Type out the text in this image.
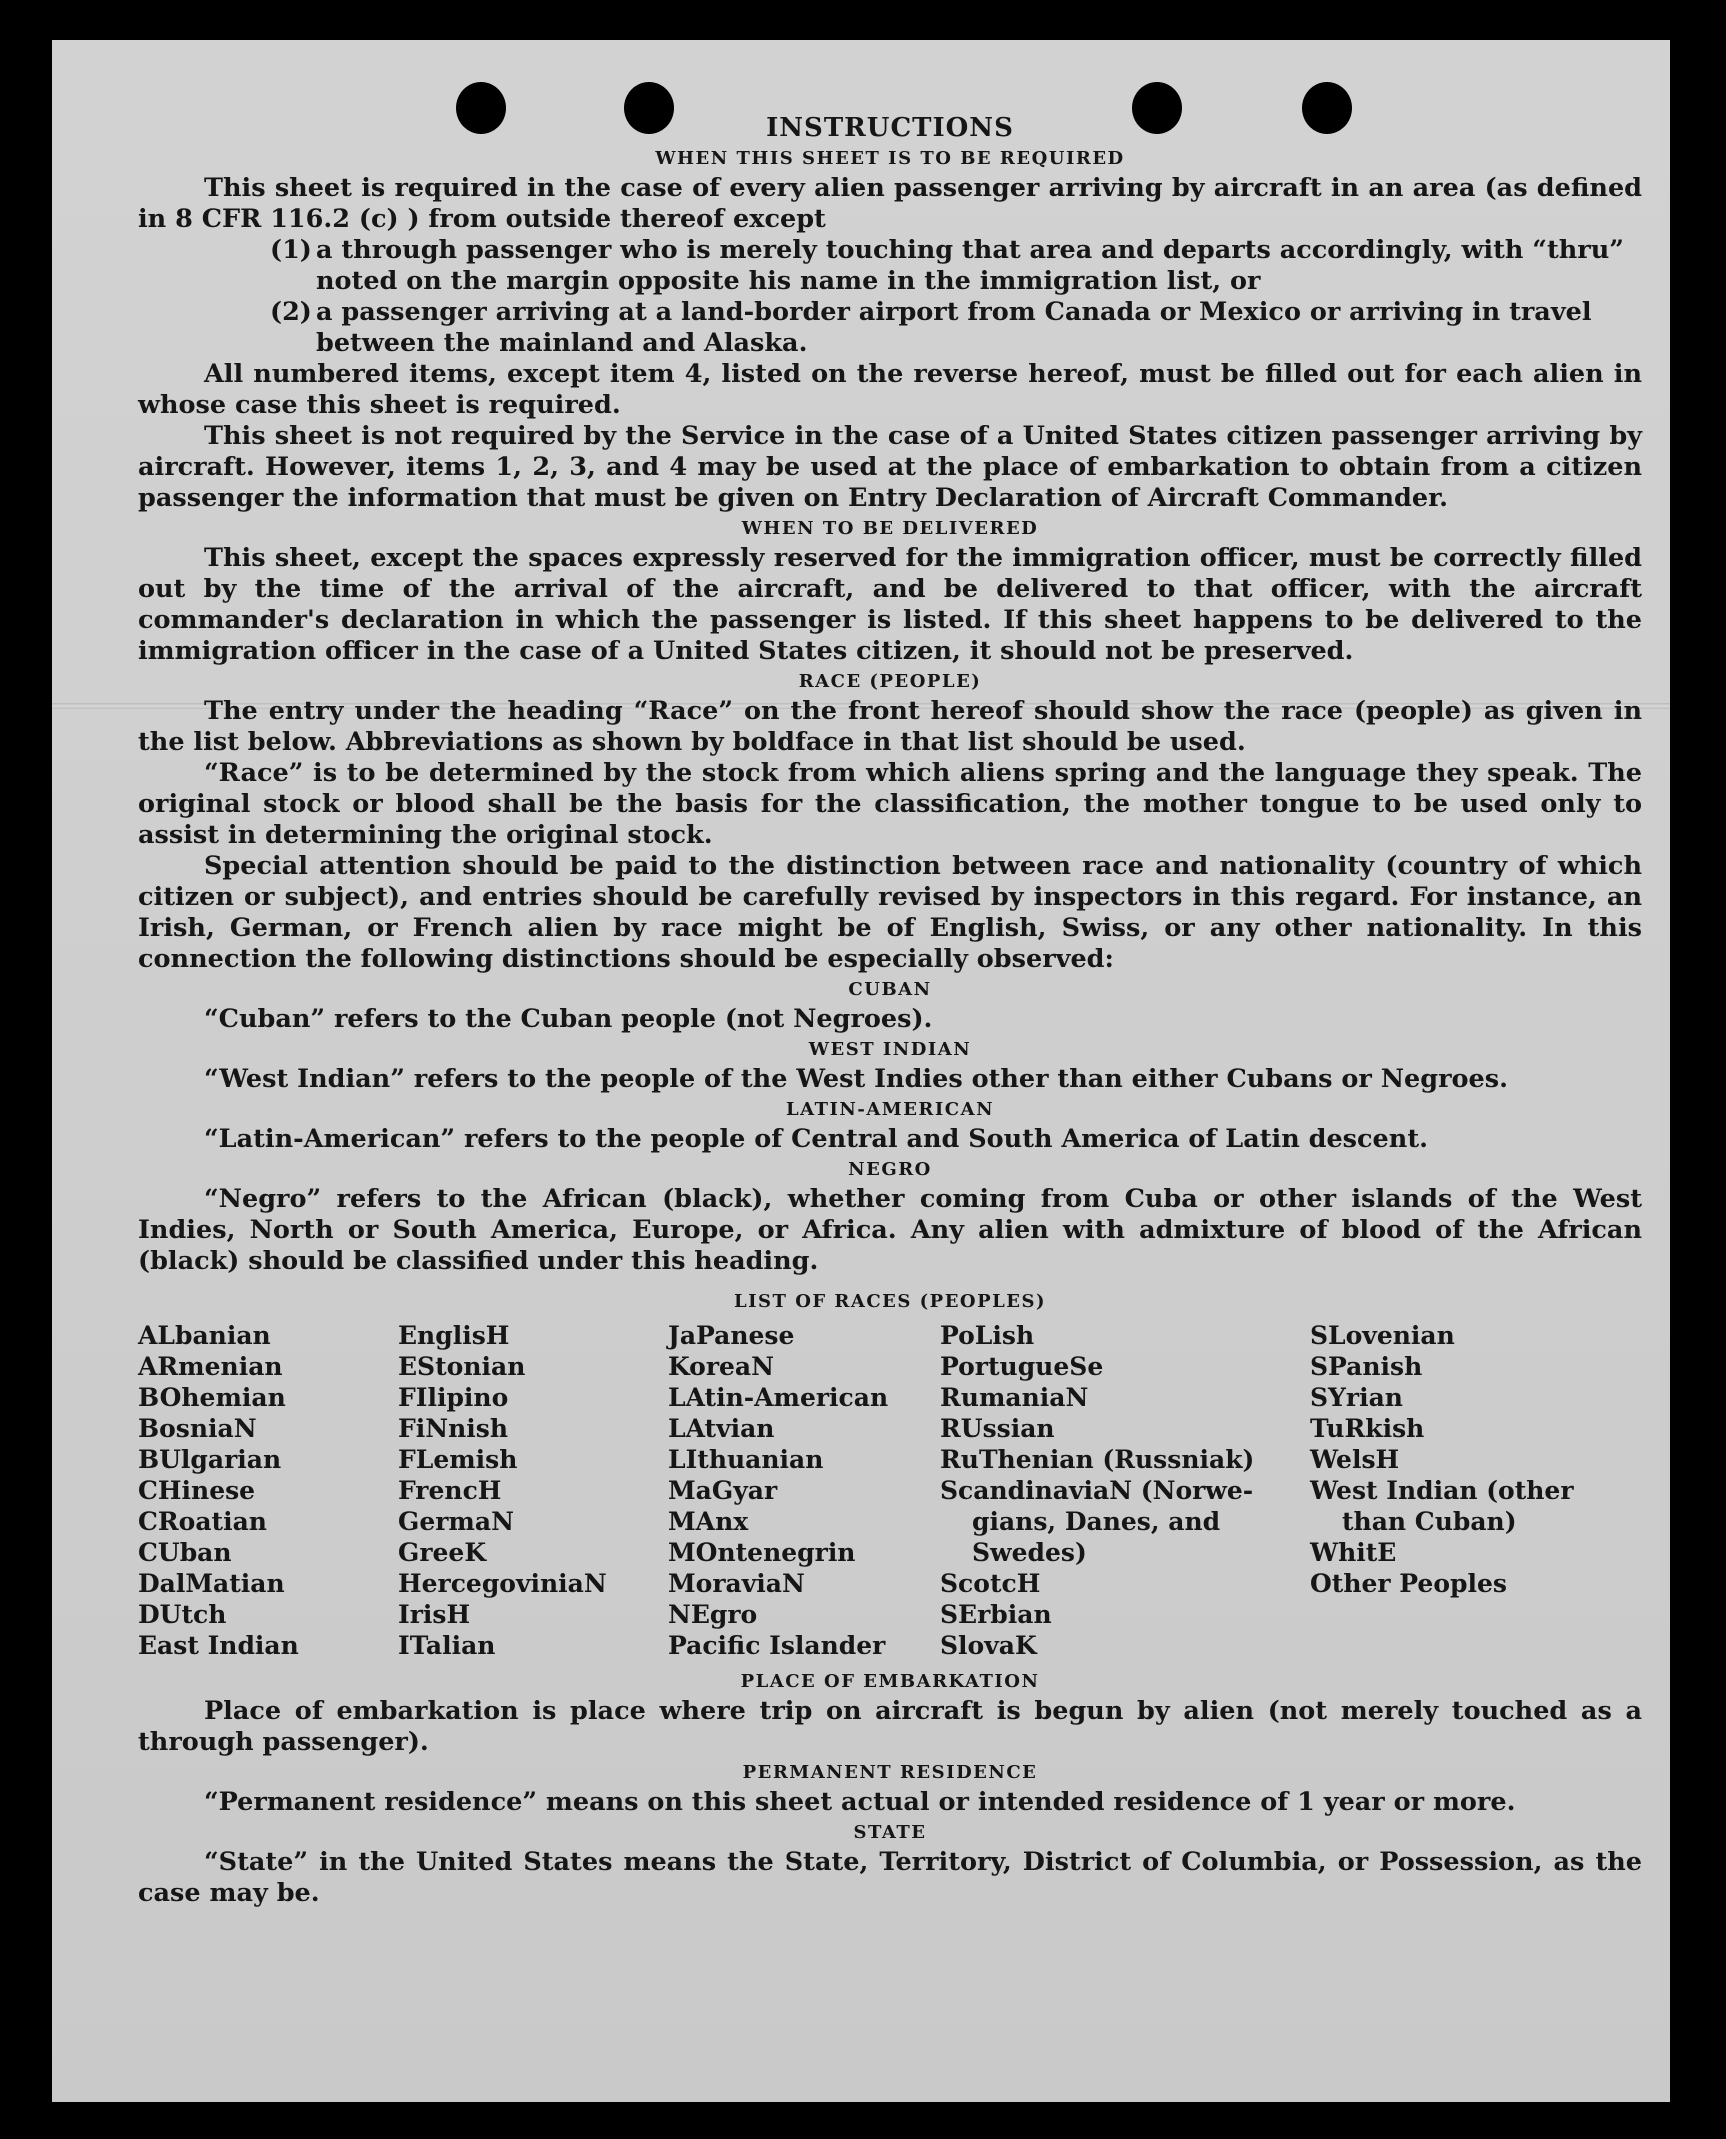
INSTRUCTIONS

WHEN THIS SHEET IS TO BE REQUIRED

This sheet is required in the case of every alien passenger arriving by aircraft in an area (as defined in 8 CFR 116.2 (c) ) from outside thereof except

(1) a through passenger who is merely touching that area and departs accordingly, with “thru” noted on the margin opposite his name in the immigration list, or
(2) a passenger arriving at a land-border airport from Canada or Mexico or arriving in travel between the mainland and Alaska.

All numbered items, except item 4, listed on the reverse hereof, must be filled out for each alien in whose case this sheet is required.

This sheet is not required by the Service in the case of a United States citizen passenger arriving by aircraft. However, items 1, 2, 3, and 4 may be used at the place of embarkation to obtain from a citizen passenger the information that must be given on Entry Declaration of Aircraft Commander.

WHEN TO BE DELIVERED

This sheet, except the spaces expressly reserved for the immigration officer, must be correctly filled out by the time of the arrival of the aircraft, and be delivered to that officer, with the aircraft commander's declaration in which the passenger is listed. If this sheet happens to be delivered to the immigration officer in the case of a United States citizen, it should not be preserved.

RACE (PEOPLE)

The entry under the heading “Race” on the front hereof should show the race (people) as given in the list below. Abbreviations as shown by boldface in that list should be used.

“Race” is to be determined by the stock from which aliens spring and the language they speak. The original stock or blood shall be the basis for the classification, the mother tongue to be used only to assist in determining the original stock.

Special attention should be paid to the distinction between race and nationality (country of which citizen or subject), and entries should be carefully revised by inspectors in this regard. For instance, an Irish, German, or French alien by race might be of English, Swiss, or any other nationality. In this connection the following distinctions should be especially observed:

CUBAN

“Cuban” refers to the Cuban people (not Negroes).

WEST INDIAN

“West Indian” refers to the people of the West Indies other than either Cubans or Negroes.

LATIN-AMERICAN

“Latin-American” refers to the people of Central and South America of Latin descent.

NEGRO

“Negro” refers to the African (black), whether coming from Cuba or other islands of the West Indies, North or South America, Europe, or Africa. Any alien with admixture of blood of the African (black) should be classified under this heading.

LIST OF RACES (PEOPLES)

ALbanian
ARmenian
BOhemian
BosniaN
BUlgarian
CHinese
CRoatian
CUban
DalMatian
DUtch
East Indian
EnglisH
EStonian
FIlipino
FiNnish
FLemish
FrencH
GermaN
GreeK
HercegoviniaN
IrisH
ITalian
JaPanese
KoreaN
LAtin-American
LAtvian
LIthuanian
MaGyar
MAnx
MOntenegrin
MoraviaN
NEgro
Pacific Islander
PoLish
PortugueSe
RumaniaN
RUssian
RuThenian (Russniak)
ScandinaviaN (Norwe-
gians, Danes, and
Swedes)
ScotcH
SErbian
SlovaK
SLovenian
SPanish
SYrian
TuRkish
WelsH
West Indian (other
than Cuban)
WhitE
Other Peoples

PLACE OF EMBARKATION

Place of embarkation is place where trip on aircraft is begun by alien (not merely touched as a through passenger).

PERMANENT RESIDENCE

“Permanent residence” means on this sheet actual or intended residence of 1 year or more.

STATE

“State” in the United States means the State, Territory, District of Columbia, or Possession, as the case may be.
